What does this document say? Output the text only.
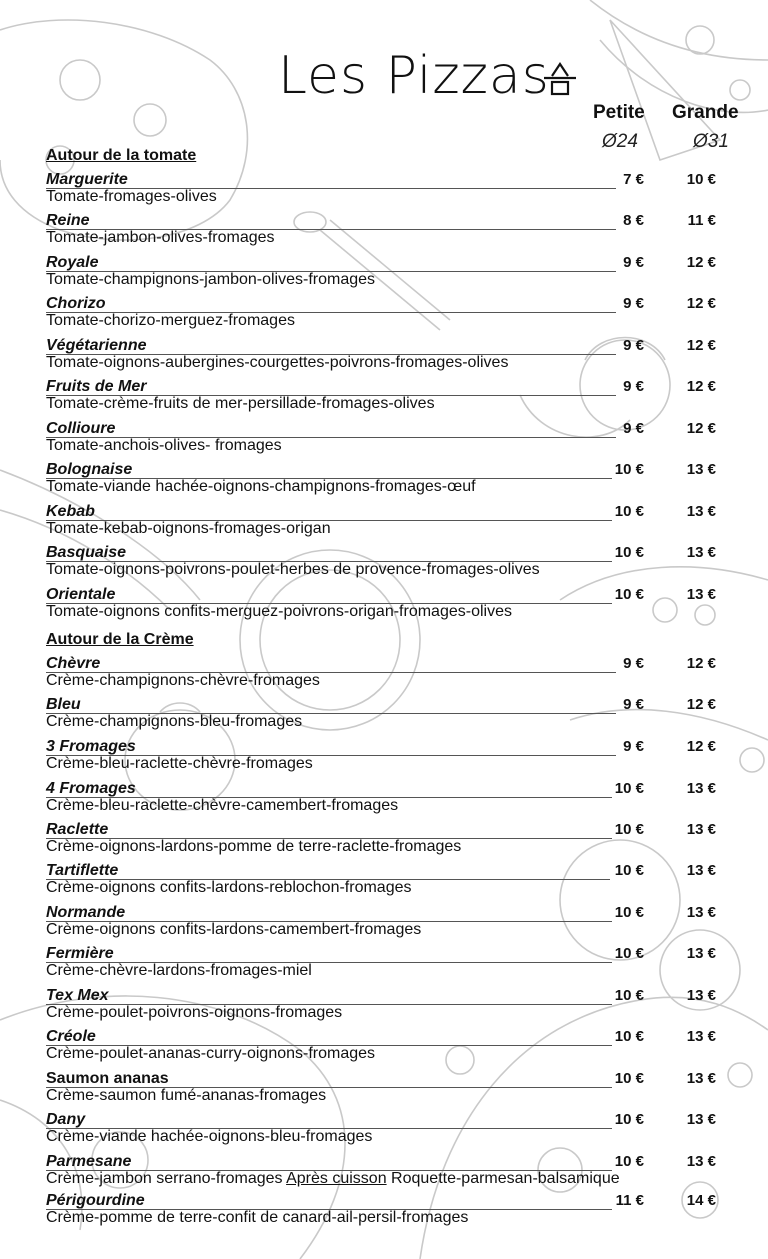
Les Pizzas
Petite Grande
Ø24	Ø31
Autour de la tomate
Marguerite
Tomate-fromages-olives
7 €	10 €
Reine
Tomate-jambon-olives-fromages
8 €	11 €
Royale
Tomate-champignons-jambon-olives-fromages
9 €	12 €
Chorizo
Tomate-chorizo-merguez-fromages
9 €	12 €
Végétarienne
Tomate-oignons-aubergines-courgettes-poivrons-fromages-olives
9 €	12 €
Fruits de Mer
Tomate-crème-fruits de mer-persillade-fromages-olives
9 €	12 €
Collioure
Tomate-anchois-olives- fromages
9 €	12 €
Bolognaise
Tomate-viande hachée-oignons-champignons-fromages-œuf
10 €	13 €
Kebab
Tomate-kebab-oignons-fromages-origan
10 €	13 €
Basquaise
Tomate-oignons-poivrons-poulet-herbes de provence-fromages-olives
10 €	13 €
Orientale
Tomate-oignons confits-merguez-poivrons-origan-fromages-olives
10 €	13 €
Autour de la Crème
Chèvre
Crème-champignons-chèvre-fromages
9 €	12 €
Bleu
Crème-champignons-bleu-fromages
9 €	12 €
3 Fromages
Crème-bleu-raclette-chèvre-fromages
9 €	12 €
4 Fromages
Crème-bleu-raclette-chèvre-camembert-fromages
10 €	13 €
Raclette
Crème-oignons-lardons-pomme de terre-raclette-fromages
10 €	13 €
Tartiflette
Crème-oignons confits-lardons-reblochon-fromages
10 €	13 €
Normande
Crème-oignons confits-lardons-camembert-fromages
10 €	13 €
Fermière
Crème-chèvre-lardons-fromages-miel
10 €	13 €
Tex Mex
Crème-poulet-poivrons-oignons-fromages
10 €	13 €
Créole
Crème-poulet-ananas-curry-oignons-fromages
10 €	13 €
Saumon ananas
Crème-saumon fumé-ananas-fromages
10 €	13 €
Dany
Crème-viande hachée-oignons-bleu-fromages
10 €	13 €
Parmesane
Crème-jambon serrano-fromages Après cuisson Roquette-parmesan-balsamique
10 €	13 €
Périgourdine
Crème-pomme de terre-confit de canard-ail-persil-fromages
11 €	14 €
